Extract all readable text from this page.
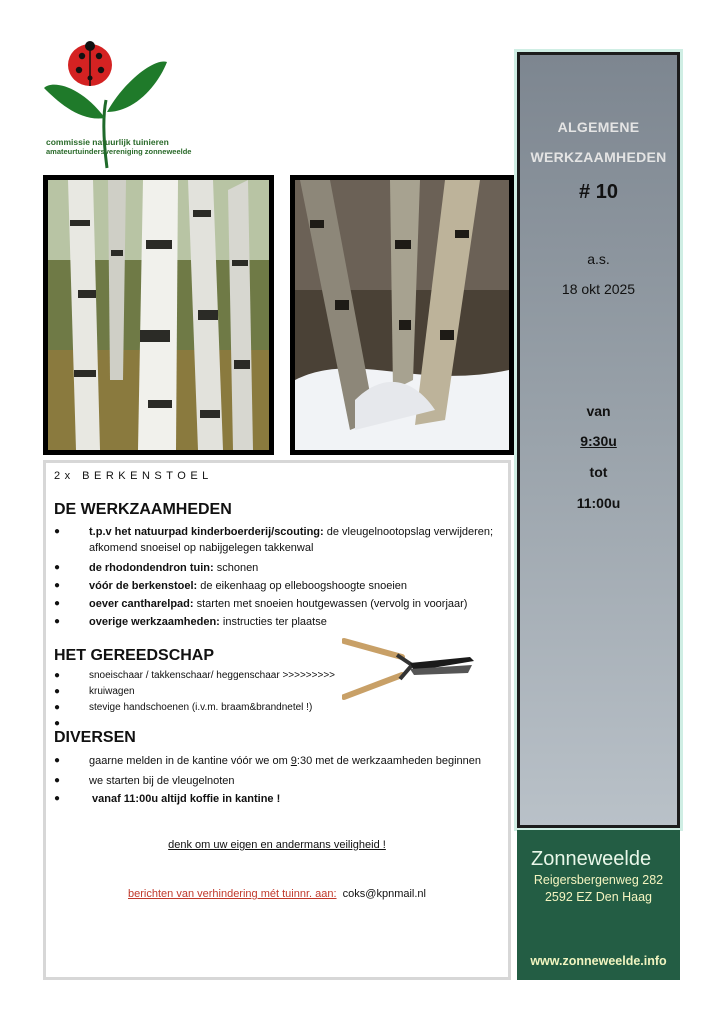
commissie natuurlijk tuinieren
amateurtuindersvereniging zonneweelde
ALGEMENE
WERKZAAMHEDEN
# 10
a.s.
18 okt 2025
van
9:30u
tot
11:00u
Zonneweelde
Reigersbergenweg 282
2592 EZ Den Haag
www.zonneweelde.info
2x BERKENSTOEL
DE WERKZAAMHEDEN
●	t.p.v het natuurpad kinderboerderij/scouting: de vleugelnootopslag verwijderen; afkomend snoeisel op nabijgelegen takkenwal
●	de rhodondendron tuin: schonen
●	vóór de berkenstoel: de eikenhaag op elleboogshoogte snoeien
●	oever cantharelpad: starten met snoeien houtgewassen (vervolg in voorjaar)
●	overige werkzaamheden: instructies ter plaatse
HET GEREEDSCHAP
●	snoeischaar / takkenschaar/ heggenschaar >>>>>>>>>
●	kruiwagen
●	stevige handschoenen (i.v.m. braam&brandnetel !)
●
DIVERSEN
●	gaarne melden in de kantine vóór we om 9:30 met de werkzaamheden beginnen
●	we starten bij de vleugelnoten
●	vanaf 11:00u altijd koffie in kantine !
denk om uw eigen en andermans veiligheid !
berichten van verhindering mét tuinnr. aan: coks@kpnmail.nl
